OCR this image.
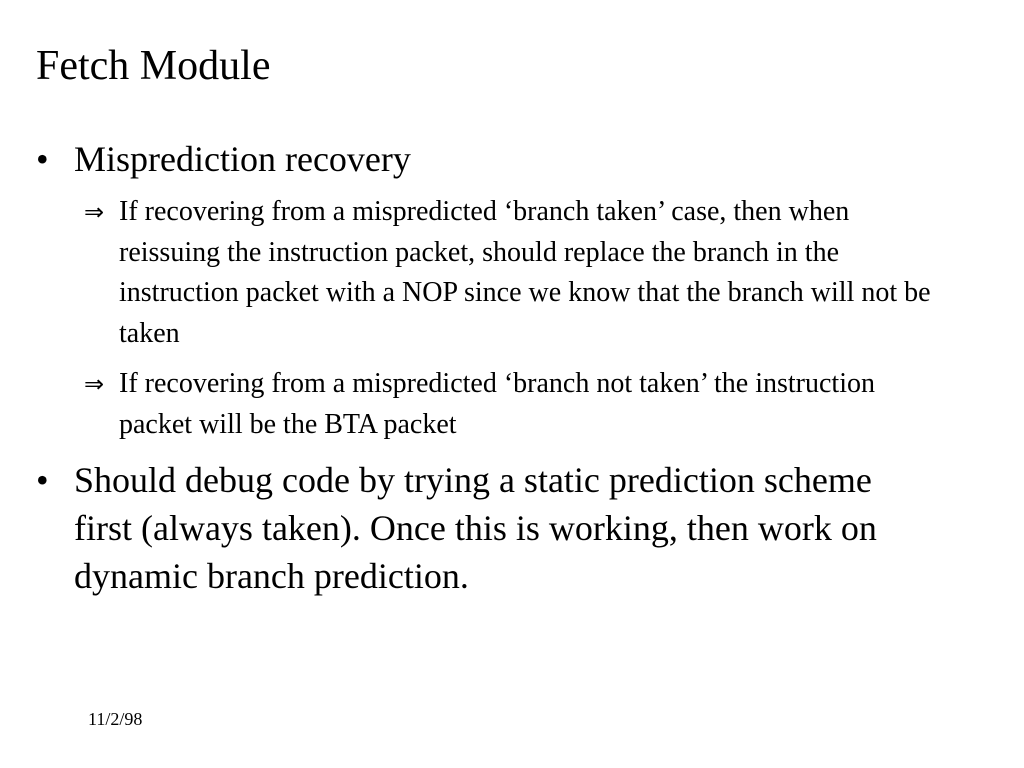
Fetch Module
• Misprediction recovery
⇒ If recovering from a mispredicted ‘branch taken’ case, then when reissuing the instruction packet, should replace the branch in the instruction packet with a NOP since we know that the branch will not be taken
⇒ If recovering from a mispredicted ‘branch not taken’ the instruction packet will be the BTA packet
• Should debug code by trying a static prediction scheme first (always taken). Once this is working, then work on dynamic branch prediction.
11/2/98
